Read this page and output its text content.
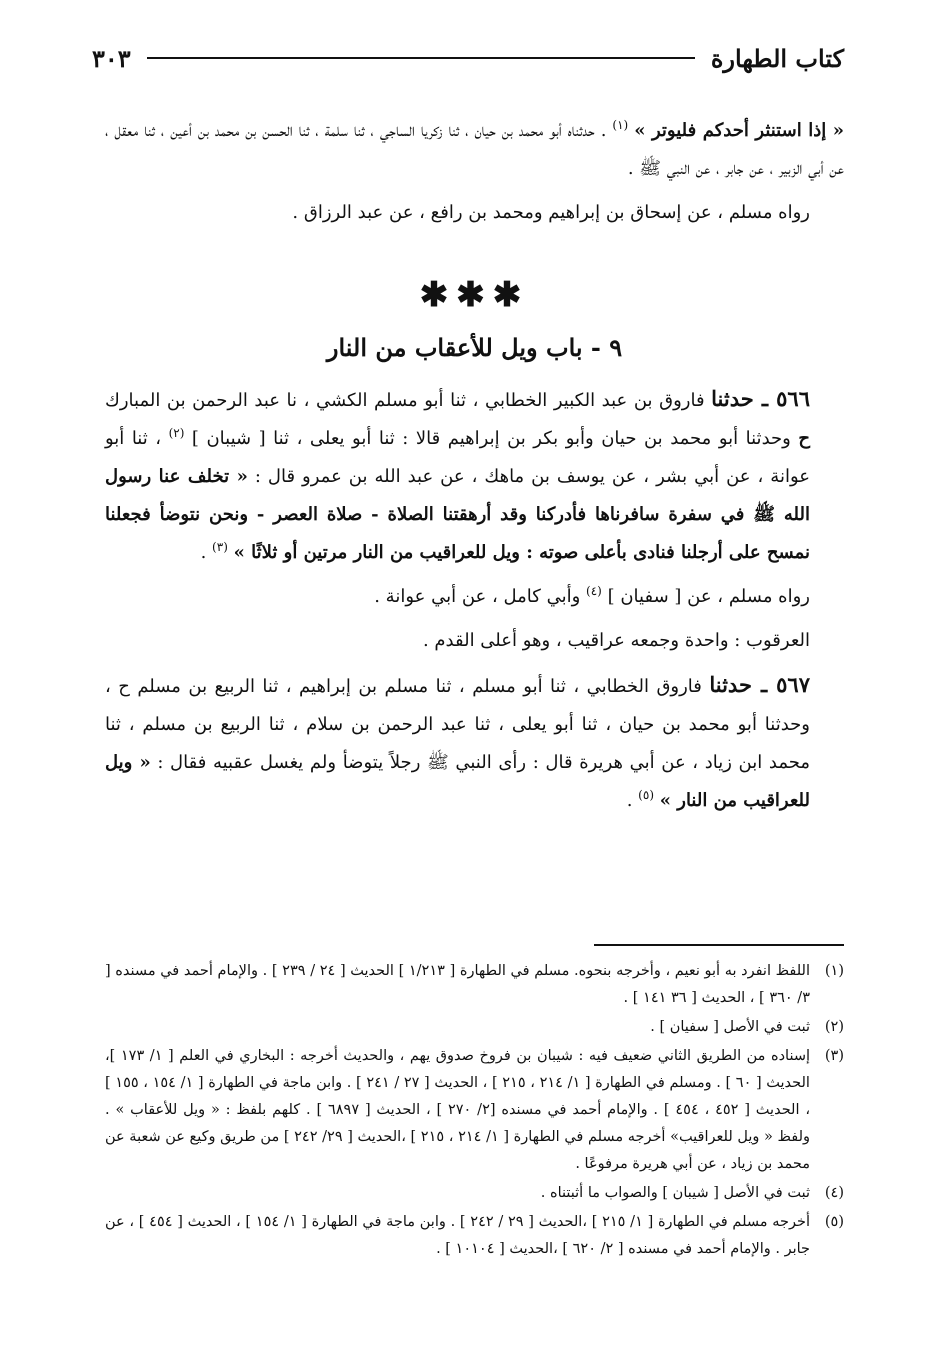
كتاب الطهارة
٣٠٣

« إذا استنثر أحدكم فليوتر » $^{(١)}$ . حدثناه أبو محمد بن حيان ، ثنا زكريا الساجي ، ثنا سلمة ، ثنا الحسن بن محمد بن أعين ، ثنا معقل ، عن أبي الزبير ، عن جابر ، عن النبي ﷺ .

رواه مسلم ، عن إسحاق بن إبراهيم ومحمد بن رافع ، عن عبد الرزاق .

✱✱✱
٩ - باب ويل للأعقاب من النار

٥٦٦ ـ حدثنا فاروق بن عبد الكبير الخطابي ، ثنا أبو مسلم الكشي ، نا عبد الرحمن بن المبارك ح وحدثنا أبو محمد بن حيان وأبو بكر بن إبراهيم قالا : ثنا أبو يعلى ، ثنا [ شيبان ] $^{(٢)}$ ، ثنا أبو عوانة ، عن أبي بشر ، عن يوسف بن ماهك ، عن عبد الله بن عمرو قال : « تخلف عنا رسول الله ﷺ في سفرة سافرناها فأدركنا وقد أرهقتنا الصلاة - صلاة العصر - ونحن نتوضأ فجعلنا نمسح على أرجلنا فنادى بأعلى صوته : ويل للعراقيب من النار مرتين أو ثلاثًا » $^{(٣)}$ .

رواه مسلم ، عن [ سفيان ] $^{(٤)}$ وأبي كامل ، عن أبي عوانة .

العرقوب : واحدة وجمعه عراقيب ، وهو أعلى القدم .

٥٦٧ ـ حدثنا فاروق الخطابي ، ثنا أبو مسلم ، ثنا مسلم بن إبراهيم ، ثنا الربيع بن مسلم ح ، وحدثنا أبو محمد بن حيان ، ثنا أبو يعلى ، ثنا عبد الرحمن بن سلام ، ثنا الربيع بن مسلم ، ثنا محمد ابن زياد ، عن أبي هريرة قال : رأى النبي ﷺ رجلاً يتوضأ ولم يغسل عقبيه فقال : « ويل للعراقيب من النار » $^{(٥)}$ .

(١)
اللفظ انفرد به أبو نعيم ، وأخرجه بنحوه. مسلم في الطهارة [ ١/٢١٣ ] الحديث [ ٢٤ / ٢٣٩ ] . والإمام أحمد في مسنده [ ٣/ ٣٦٠ ] ، الحديث [ ٣٦ ١٤١ ] .
(٢)
ثبت في الأصل [ سفيان ] .
(٣)
إسناده من الطريق الثاني ضعيف فيه : شيبان بن فروخ صدوق يهم ، والحديث أخرجه : البخاري في العلم [ ١/ ١٧٣ ]، الحديث [ ٦٠ ] . ومسلم في الطهارة [ ١/ ٢١٤ ، ٢١٥ ] ، الحديث [ ٢٧ / ٢٤١ ] . وابن ماجة في الطهارة [ ١/ ١٥٤ ، ١٥٥ ] ، الحديث [ ٤٥٢ ، ٤٥٤ ] . والإمام أحمد في مسنده [٢/ ٢٧٠ ] ، الحديث [ ٦٨٩٧ ] . كلهم بلفظ : « ويل للأعقاب » . ولفظ « ويل للعراقيب» أخرجه مسلم في الطهارة [ ١/ ٢١٤ ، ٢١٥ ] ،الحديث [ ٢٩/ ٢٤٢ ] من طريق وكيع عن شعبة عن محمد بن زياد ، عن أبي هريرة مرفوعًا .
(٤)
ثبت في الأصل [ شيبان ] والصواب ما أثبتناه .
(٥)
أخرجه مسلم في الطهارة [ ١/ ٢١٥ ] ،الحديث [ ٢٩ / ٢٤٢ ] . وابن ماجة في الطهارة [ ١/ ١٥٤ ] ، الحديث [ ٤٥٤ ] ، عن جابر . والإمام أحمد في مسنده [ ٢/ ٦٢٠ ] ،الحديث [ ١٠١٠٤ ] .
